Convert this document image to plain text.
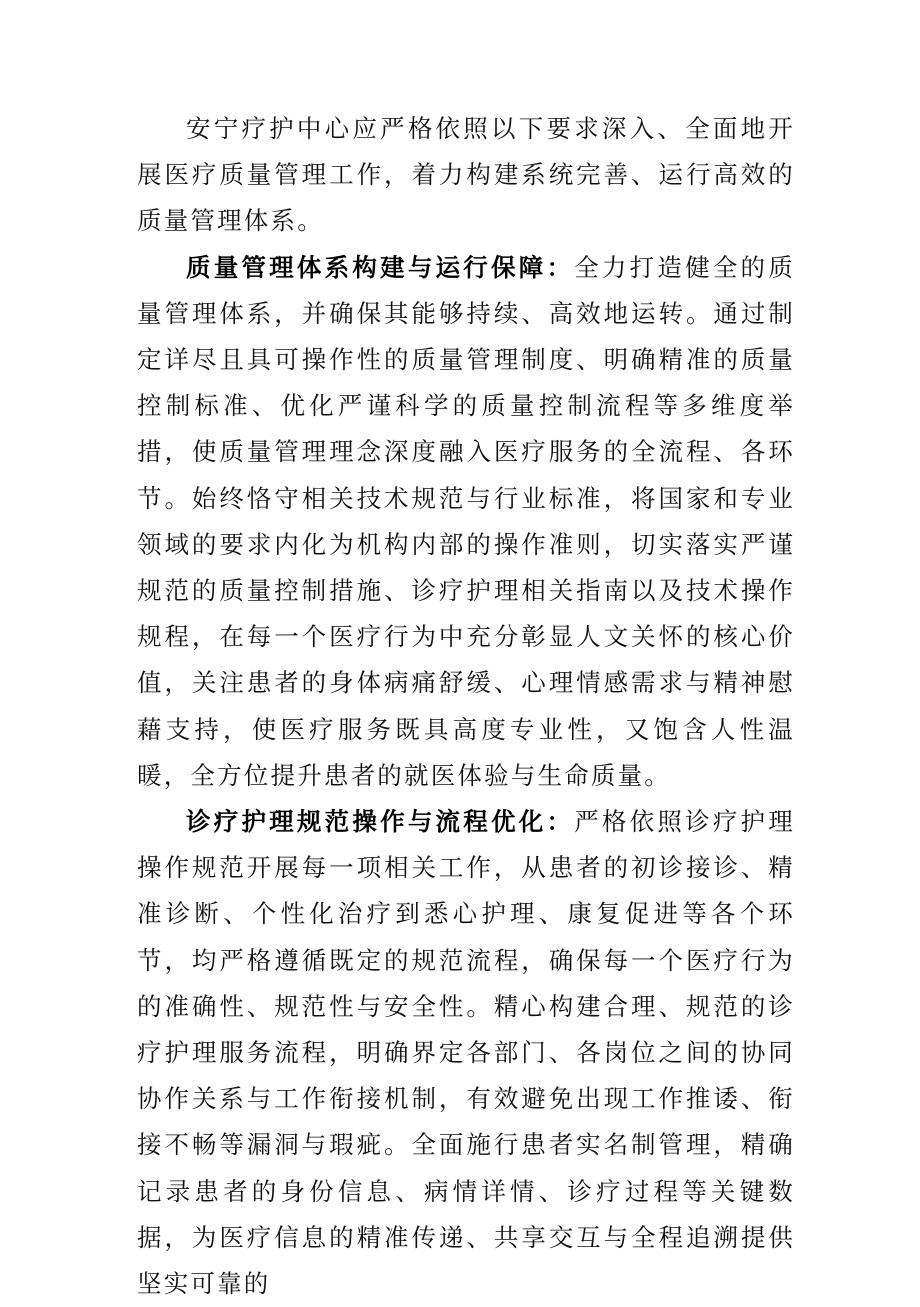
安宁疗护中心应严格依照以下要求深入、全面地开展医疗质量管理工作，着力构建系统完善、运行高效的质量管理体系。

质量管理体系构建与运行保障：全力打造健全的质量管理体系，并确保其能够持续、高效地运转。通过制定详尽且具可操作性的质量管理制度、明确精准的质量控制标准、优化严谨科学的质量控制流程等多维度举措，使质量管理理念深度融入医疗服务的全流程、各环节。始终恪守相关技术规范与行业标准，将国家和专业领域的要求内化为机构内部的操作准则，切实落实严谨规范的质量控制措施、诊疗护理相关指南以及技术操作规程，在每一个医疗行为中充分彰显人文关怀的核心价值，关注患者的身体病痛舒缓、心理情感需求与精神慰藉支持，使医疗服务既具高度专业性，又饱含人性温暖，全方位提升患者的就医体验与生命质量。

诊疗护理规范操作与流程优化：严格依照诊疗护理操作规范开展每一项相关工作，从患者的初诊接诊、精准诊断、个性化治疗到悉心护理、康复促进等各个环节，均严格遵循既定的规范流程，确保每一个医疗行为的准确性、规范性与安全性。精心构建合理、规范的诊疗护理服务流程，明确界定各部门、各岗位之间的协同协作关系与工作衔接机制，有效避免出现工作推诿、衔接不畅等漏洞与瑕疵。全面施行患者实名制管理，精确记录患者的身份信息、病情详情、诊疗过程等关键数据，为医疗信息的精准传递、共享交互与全程追溯提供坚实可靠的
